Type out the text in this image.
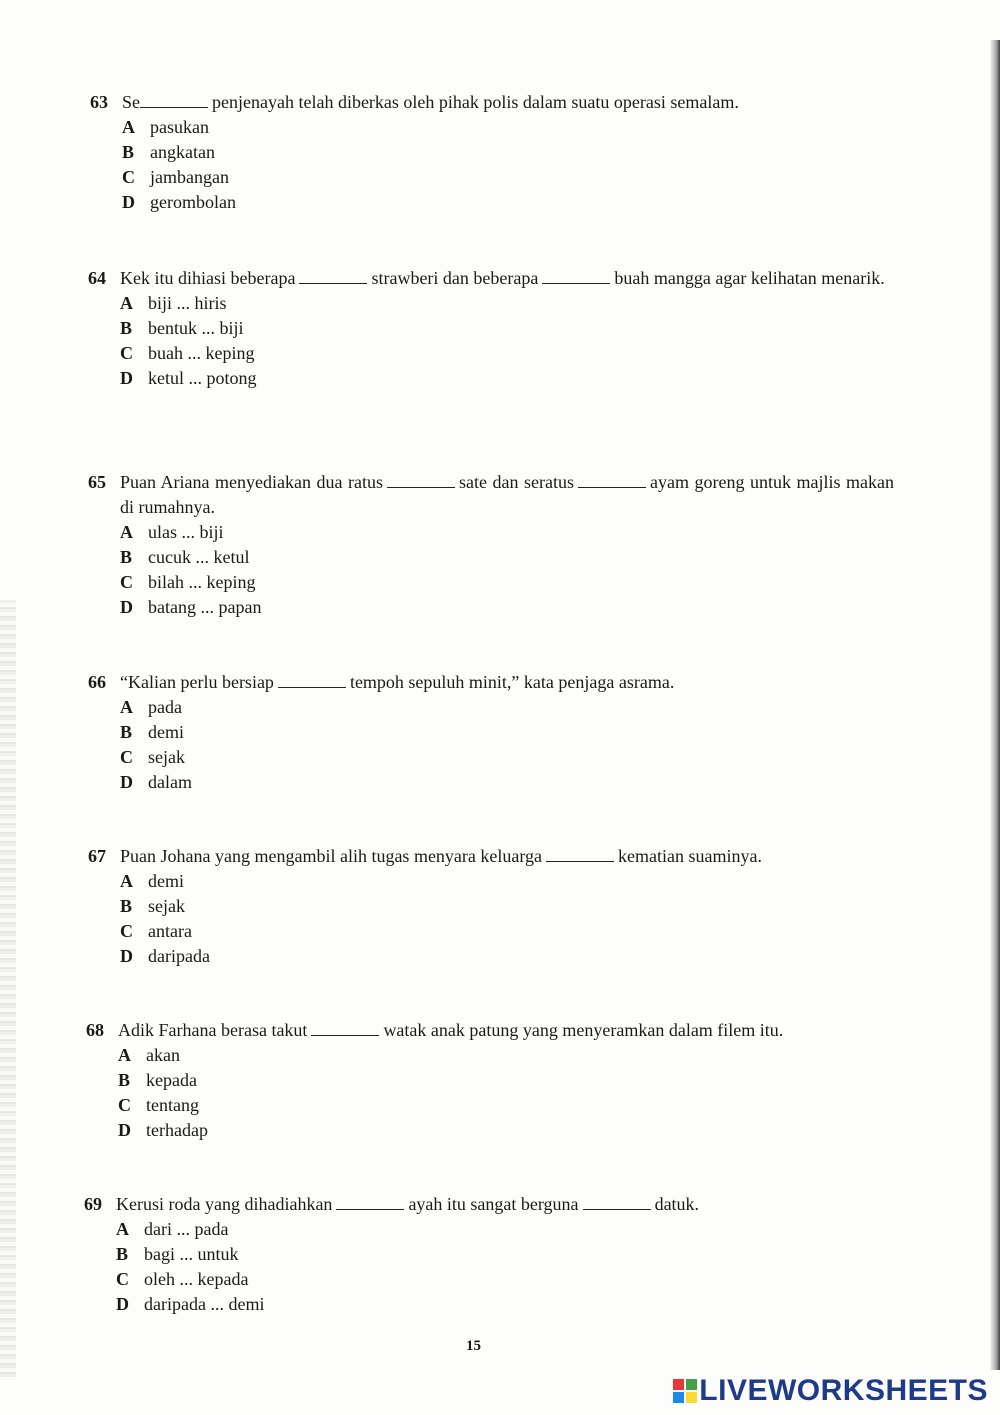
63 Se	penjenayah telah diberkas oleh pihak polis dalam suatu operasi semalam.
A pasukan
B angkatan
C jambangan
D gerombolan
64 Kek itu dihiasi beberapa	strawberi dan beberapa	buah mangga agar kelihatan menarik.
A biji ... hiris
B bentuk ... biji
C buah ... keping
D ketul ... potong
65 Puan Ariana menyediakan dua ratus	sate dan seratus	ayam goreng untuk majlis makan di rumahnya.
A ulas ... biji
B cucuk ... ketul
C bilah ... keping
D batang ... papan
66 “Kalian perlu bersiap	tempoh sepuluh minit,” kata penjaga asrama.
A pada
B demi
C sejak
D dalam
67 Puan Johana yang mengambil alih tugas menyara keluarga	kematian suaminya.
A demi
B sejak
C antara
D daripada
68 Adik Farhana berasa takut	watak anak patung yang menyeramkan dalam filem itu.
A akan
B kepada
C tentang
D terhadap
69 Kerusi roda yang dihadiahkan	ayah itu sangat berguna	datuk.
A dari ... pada
B bagi ... untuk
C oleh ... kepada
D daripada ... demi
15
LIVEWORKSHEETS
